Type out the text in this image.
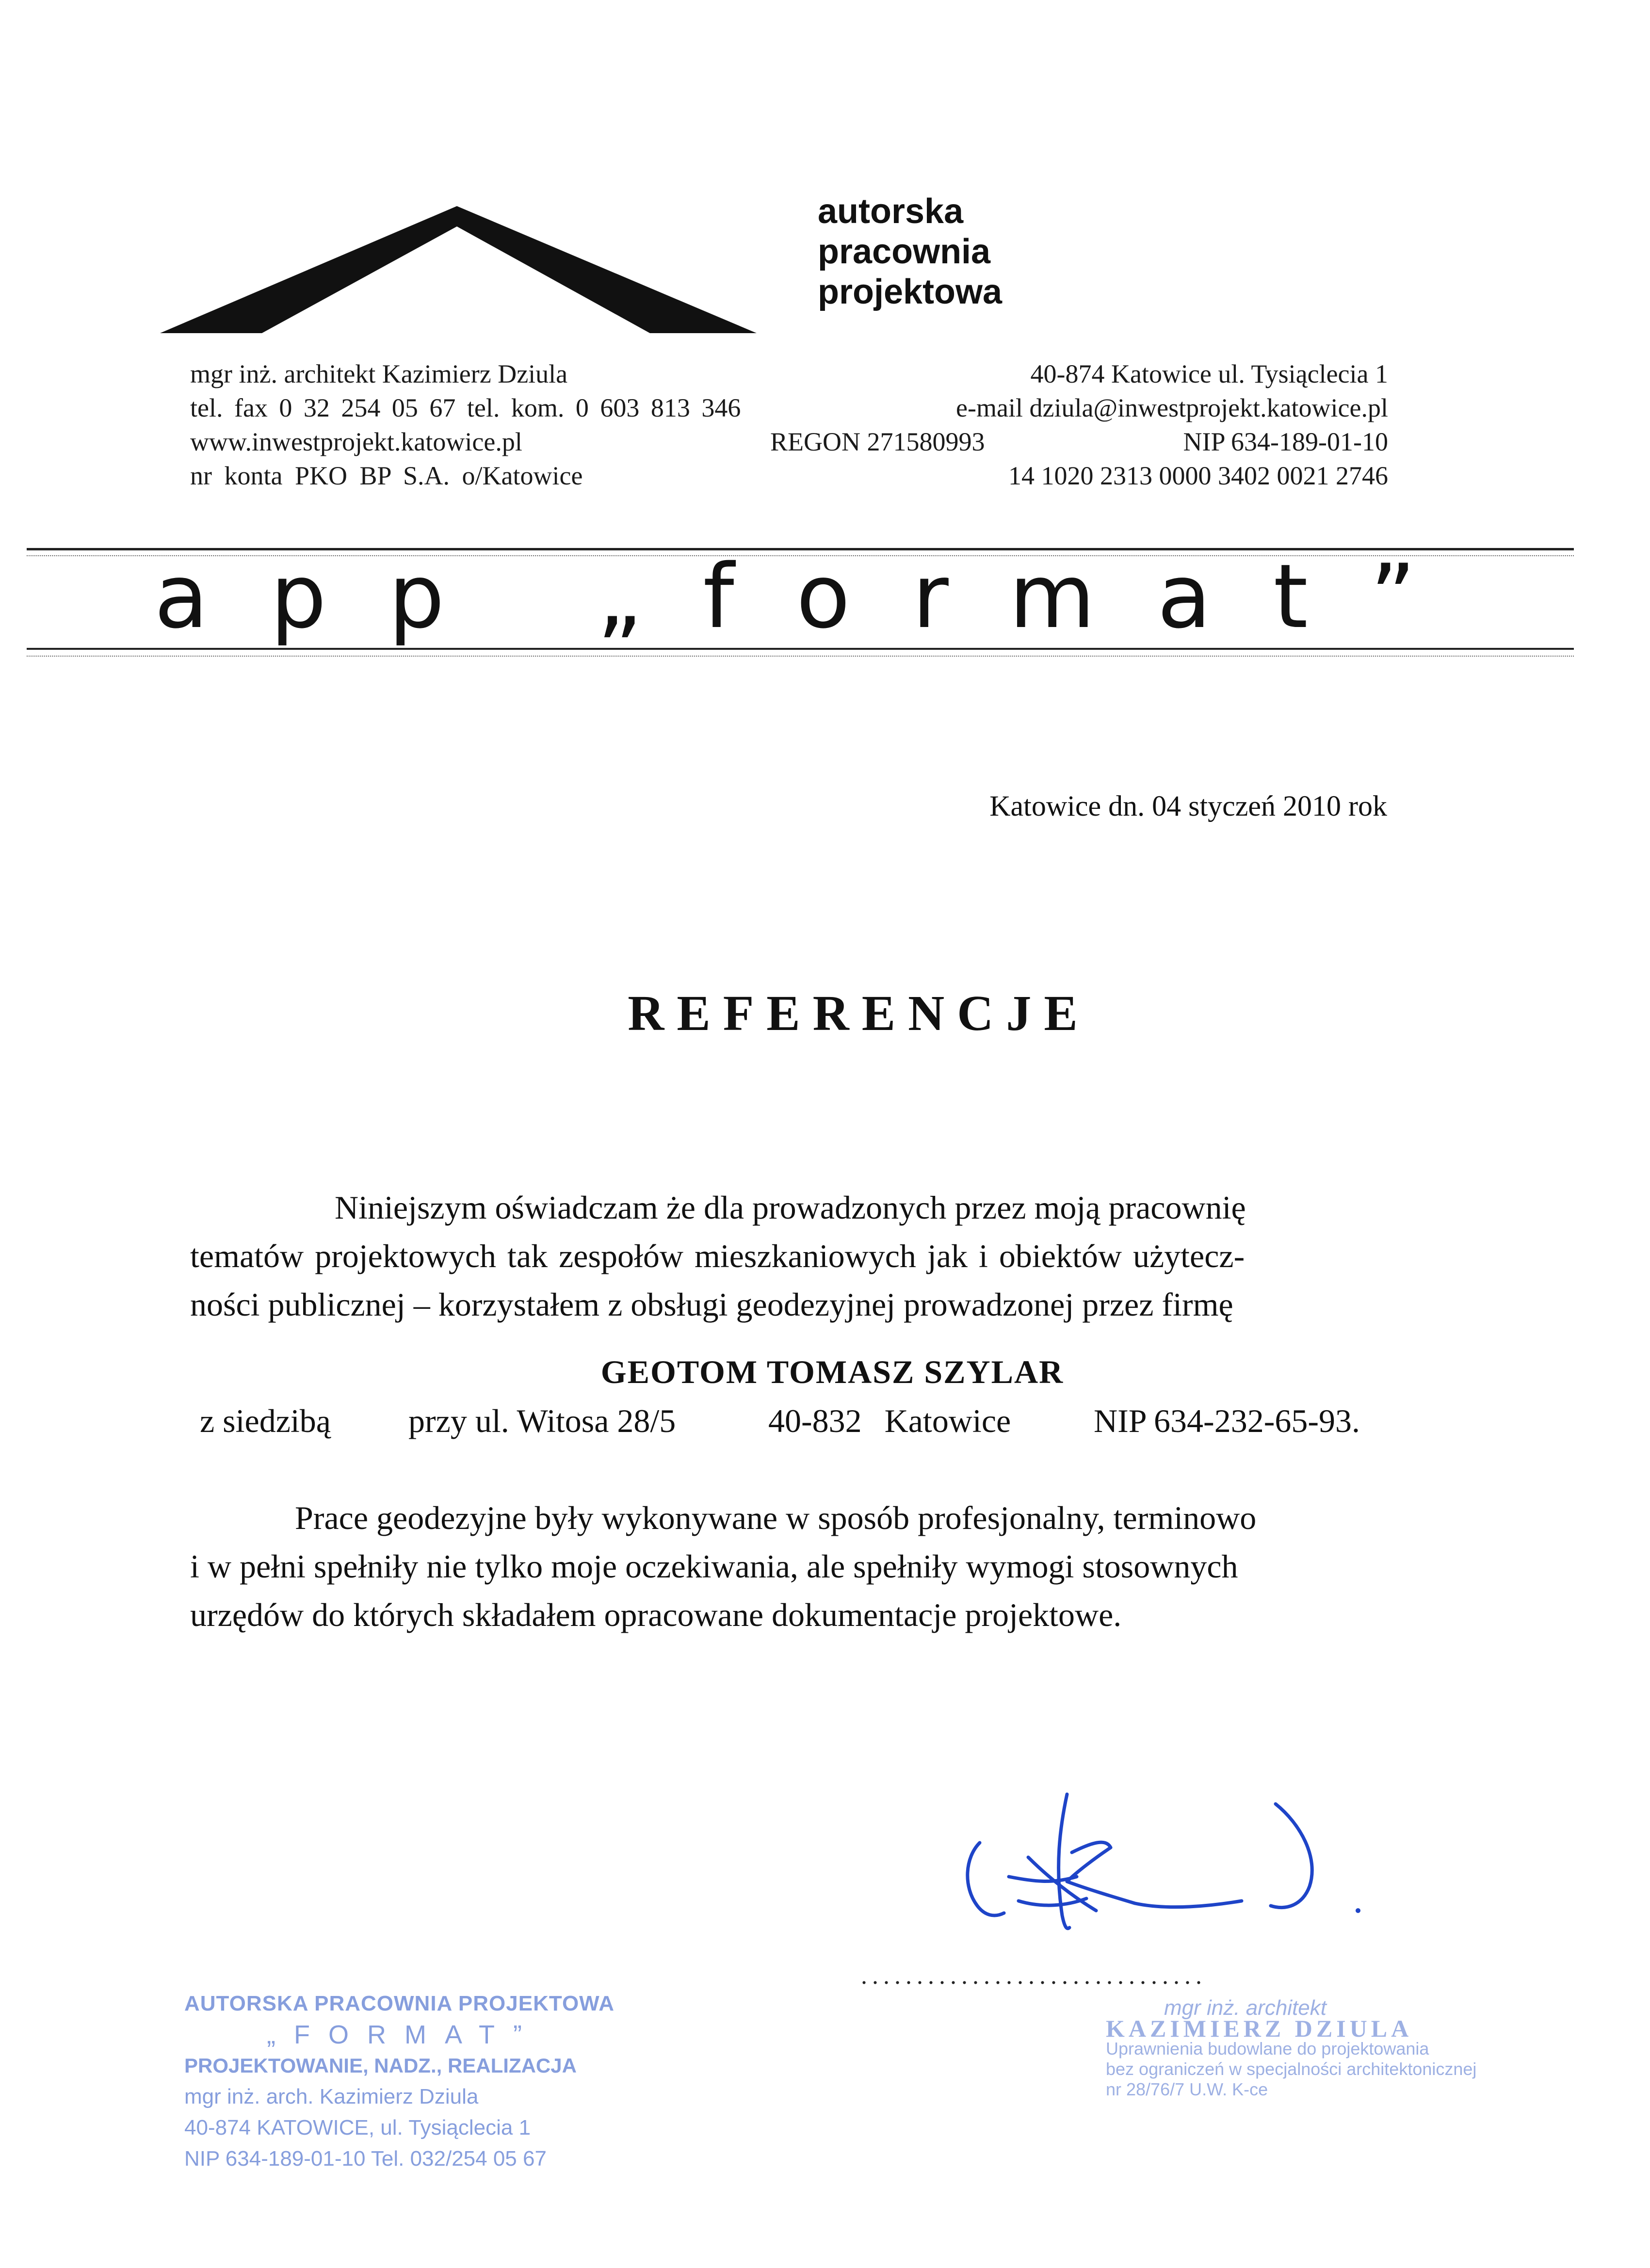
autorska
pracownia
projektowa
mgr inż. architekt Kazimierz Dziula
tel. fax 0 32 254 05 67 tel. kom. 0 603 813 346
www.inwestprojekt.katowice.pl
nr konta PKO BP S.A. o/Katowice
40-874 Katowice ul. Tysiąclecia 1
e-mail dziula@inwestprojekt.katowice.pl
REGON 271580993	NIP 634-189-01-10
14 1020 2313 0000 3402 0021 2746
app „format”
Katowice dn. 04 styczeń 2010 rok
REFERENCJE
Niniejszym oświadczam że dla prowadzonych przez moją pracownię
tematów projektowych tak zespołów mieszkaniowych jak i obiektów użytecz-
ności publicznej – korzystałem z obsługi geodezyjnej prowadzonej przez firmę
GEOTOM TOMASZ SZYLAR
z siedzibą przy ul. Witosa 28/5	40-832 Katowice	NIP 634-232-65-93.
Prace geodezyjne były wykonywane w sposób profesjonalny, terminowo
i w pełni spełniły nie tylko moje oczekiwania, ale spełniły wymogi stosownych
urzędów do których składałem opracowane dokumentacje projektowe.
...............................
AUTORSKA PRACOWNIA PROJEKTOWA
„FORMAT”
PROJEKTOWANIE, NADZ., REALIZACJA
mgr inż. arch. Kazimierz Dziula
40-874 KATOWICE, ul. Tysiąclecia 1
NIP 634-189-01-10 Tel. 032/254 05 67
mgr inż. architekt
KAZIMIERZ DZIULA
Uprawnienia budowlane do projektowania
bez ograniczeń w specjalności architektonicznej
nr 28/76/7 U.W. K-ce
